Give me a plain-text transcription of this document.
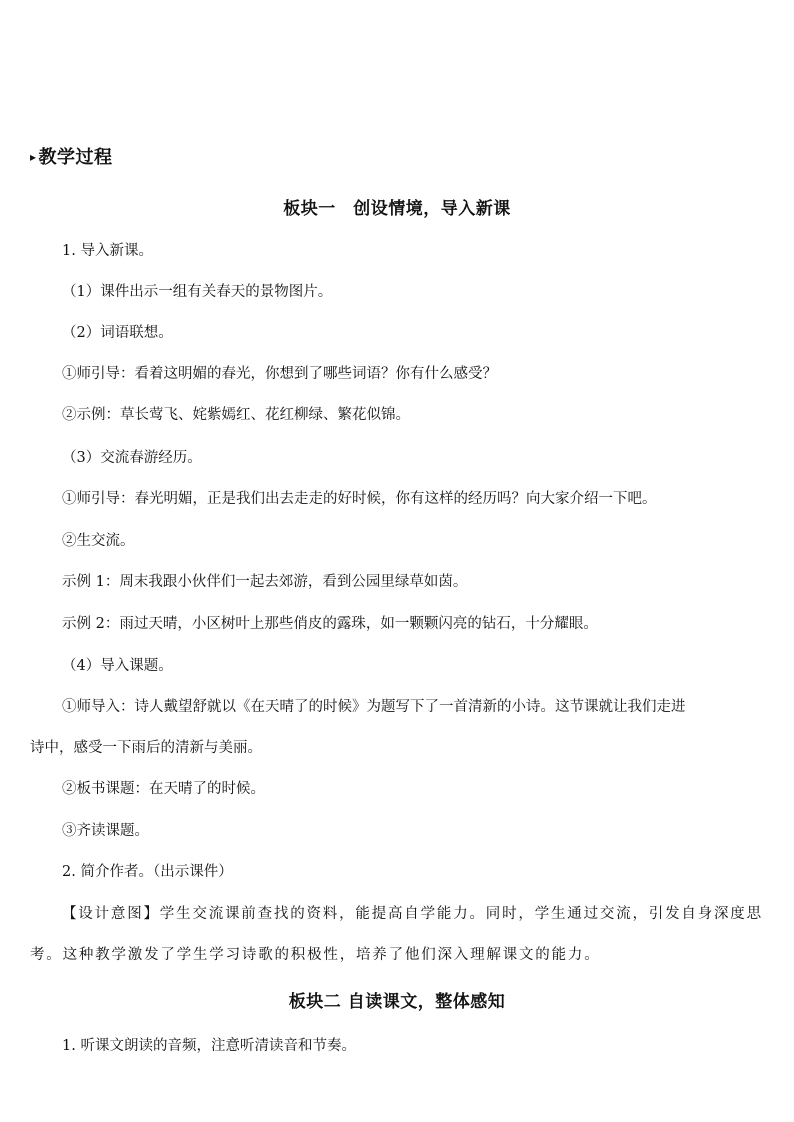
▸ 教学过程
板块一　创设情境，导入新课
1. 导入新课。
（1）课件出示一组有关春天的景物图片。
（2）词语联想。
①师引导：看着这明媚的春光，你想到了哪些词语？你有什么感受？
②示例：草长莺飞、姹紫嫣红、花红柳绿、繁花似锦。
（3）交流春游经历。
①师引导：春光明媚，正是我们出去走走的好时候，你有这样的经历吗？向大家介绍一下吧。
②生交流。
示例 1：周末我跟小伙伴们一起去郊游，看到公园里绿草如茵。
示例 2：雨过天晴，小区树叶上那些俏皮的露珠，如一颗颗闪亮的钻石，十分耀眼。
（4）导入课题。
①师导入：诗人戴望舒就以《在天晴了的时候》为题写下了一首清新的小诗。这节课就让我们走进
诗中，感受一下雨后的清新与美丽。
②板书课题：在天晴了的时候。
③齐读课题。
2. 简介作者。（出示课件）
【设计意图】学生交流课前查找的资料，能提高自学能力。同时，学生通过交流，引发自身深度思
考。这种教学激发了学生学习诗歌的积极性，培养了他们深入理解课文的能力。
板块二 自读课文，整体感知
1. 听课文朗读的音频，注意听清读音和节奏。
